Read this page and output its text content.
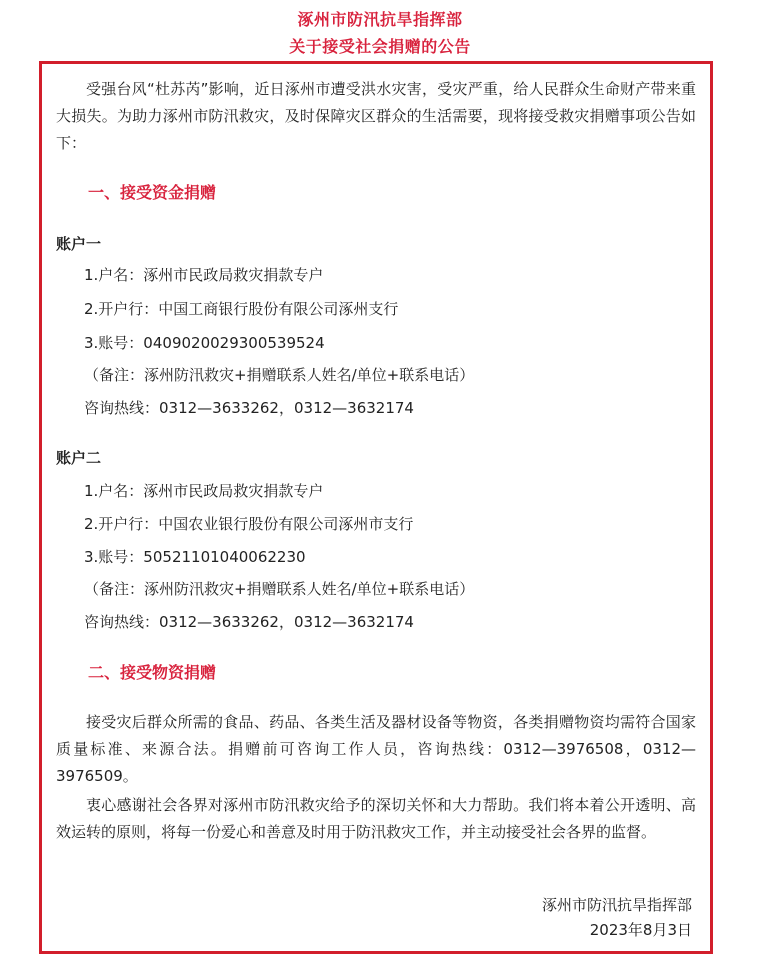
涿州市防汛抗旱指挥部
关于接受社会捐赠的公告
受强台风“杜苏芮”影响，近日涿州市遭受洪水灾害，受灾严重，给人民群众生命财产带来重大损失。为助力涿州市防汛救灾，及时保障灾区群众的生活需要，现将接受救灾捐赠事项公告如下：
一、接受资金捐赠
账户一
1.户名：涿州市民政局救灾捐款专户
2.开户行：中国工商银行股份有限公司涿州支行
3.账号：0409020029300539524
（备注：涿州防汛救灾+捐赠联系人姓名/单位+联系电话）
咨询热线：0312—3633262，0312—3632174
账户二
1.户名：涿州市民政局救灾捐款专户
2.开户行：中国农业银行股份有限公司涿州市支行
3.账号：50521101040062230
（备注：涿州防汛救灾+捐赠联系人姓名/单位+联系电话）
咨询热线：0312—3633262，0312—3632174
二、接受物资捐赠
接受灾后群众所需的食品、药品、各类生活及器材设备等物资，各类捐赠物资均需符合国家质量标准、来源合法。捐赠前可咨询工作人员，咨询热线：0312—3976508，0312—3976509。
衷心感谢社会各界对涿州市防汛救灾给予的深切关怀和大力帮助。我们将本着公开透明、高效运转的原则，将每一份爱心和善意及时用于防汛救灾工作，并主动接受社会各界的监督。
涿州市防汛抗旱指挥部
2023年8月3日
